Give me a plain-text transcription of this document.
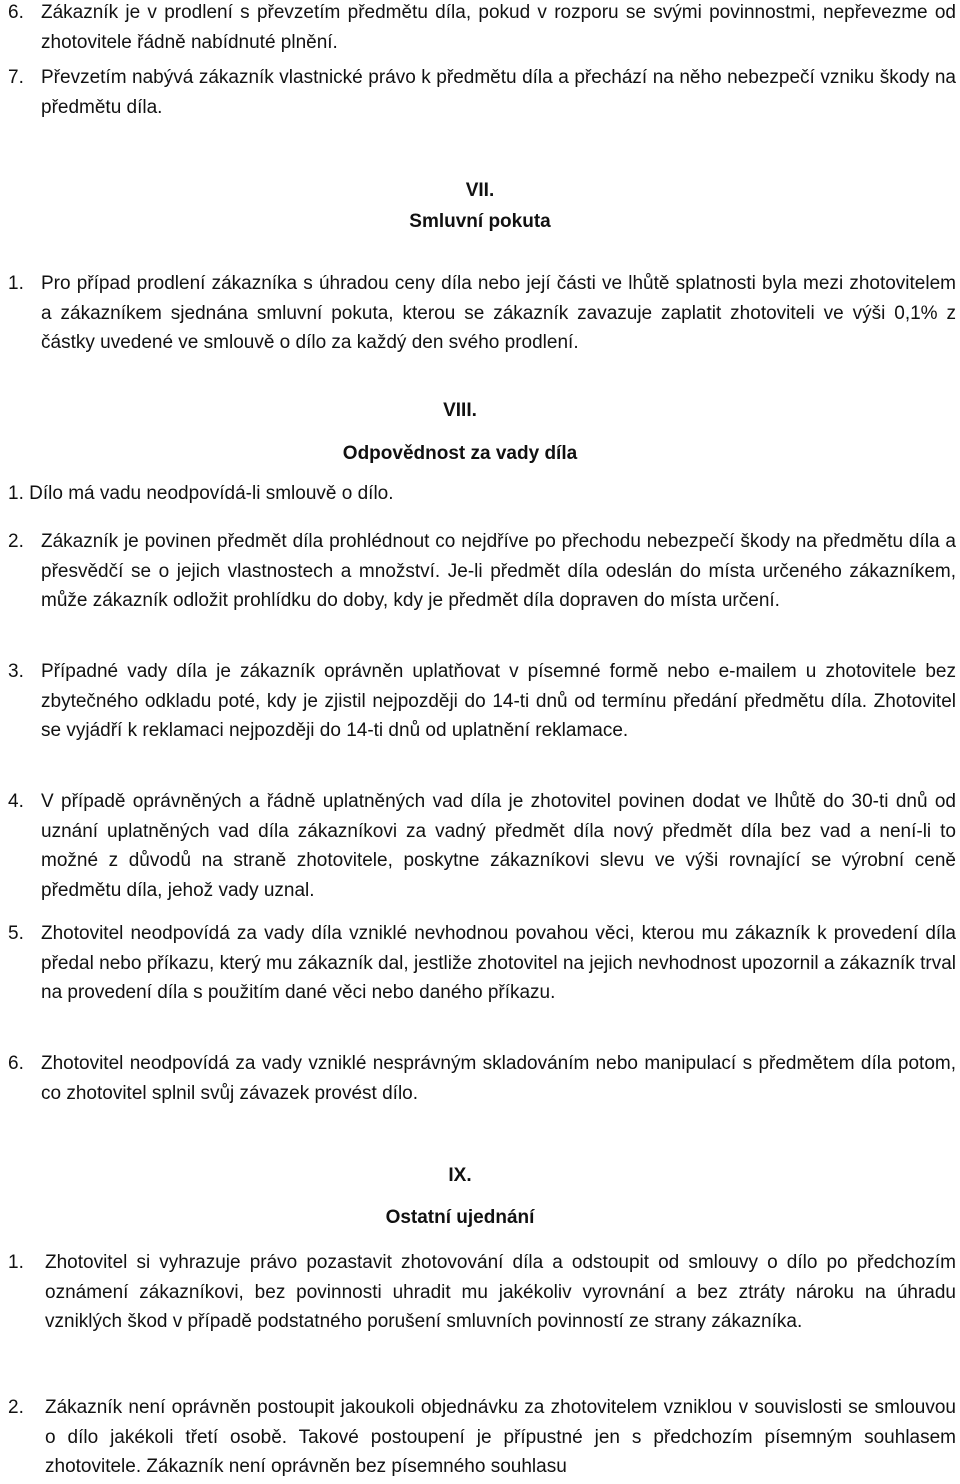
6. Zákazník je v prodlení s převzetím předmětu díla, pokud v rozporu se svými povinnostmi, nepřevezme od zhotovitele řádně nabídnuté plnění.
7. Převzetím nabývá zákazník vlastnické právo k předmětu díla a přechází na něho nebezpečí vzniku škody na předmětu díla.
VII.
Smluvní pokuta
1. Pro případ prodlení zákazníka s úhradou ceny díla nebo její části ve lhůtě splatnosti byla mezi zhotovitelem a zákazníkem sjednána smluvní pokuta, kterou se zákazník zavazuje zaplatit zhotoviteli ve výši 0,1% z částky uvedené ve smlouvě o dílo za každý den svého prodlení.
VIII.
Odpovědnost za vady díla
1. Dílo má vadu neodpovídá-li smlouvě o dílo.
2. Zákazník je povinen předmět díla prohlédnout co nejdříve po přechodu nebezpečí škody na předmětu díla a přesvědčí se o jejich vlastnostech a množství. Je-li předmět díla odeslán do místa určeného zákazníkem, může zákazník odložit prohlídku do doby, kdy je předmět díla dopraven do místa určení.
3. Případné vady díla je zákazník oprávněn uplatňovat v písemné formě nebo e-mailem u zhotovitele bez zbytečného odkladu poté, kdy je zjistil nejpozději do 14-ti dnů od termínu předání předmětu díla. Zhotovitel se vyjádří k reklamaci nejpozději do 14-ti dnů od uplatnění reklamace.
4. V případě oprávněných a řádně uplatněných vad díla je zhotovitel povinen dodat ve lhůtě do 30-ti dnů od uznání uplatněných vad díla zákazníkovi za vadný předmět díla nový předmět díla bez vad a není-li to možné z důvodů na straně zhotovitele, poskytne zákazníkovi slevu ve výši rovnající se výrobní ceně předmětu díla, jehož vady uznal.
5. Zhotovitel neodpovídá za vady díla vzniklé nevhodnou povahou věci, kterou mu zákazník k provedení díla předal nebo příkazu, který mu zákazník dal, jestliže zhotovitel na jejich nevhodnost upozornil a zákazník trval na provedení díla s použitím dané věci nebo daného příkazu.
6. Zhotovitel neodpovídá za vady vzniklé nesprávným skladováním nebo manipulací s předmětem díla potom, co zhotovitel splnil svůj závazek provést dílo.
IX.
Ostatní ujednání
1.	Zhotovitel si vyhrazuje právo pozastavit zhotovování díla a odstoupit od smlouvy o dílo po předchozím oznámení zákazníkovi, bez povinnosti uhradit mu jakékoliv vyrovnání a bez ztráty nároku na úhradu vzniklých škod v případě podstatného porušení smluvních povinností ze strany zákazníka.
2.	Zákazník není oprávněn postoupit jakoukoli objednávku za zhotovitelem vzniklou v souvislosti se smlouvou o dílo jakékoli třetí osobě. Takové postoupení je přípustné jen s předchozím písemným souhlasem zhotovitele. Zákazník není oprávněn bez písemného souhlasu
